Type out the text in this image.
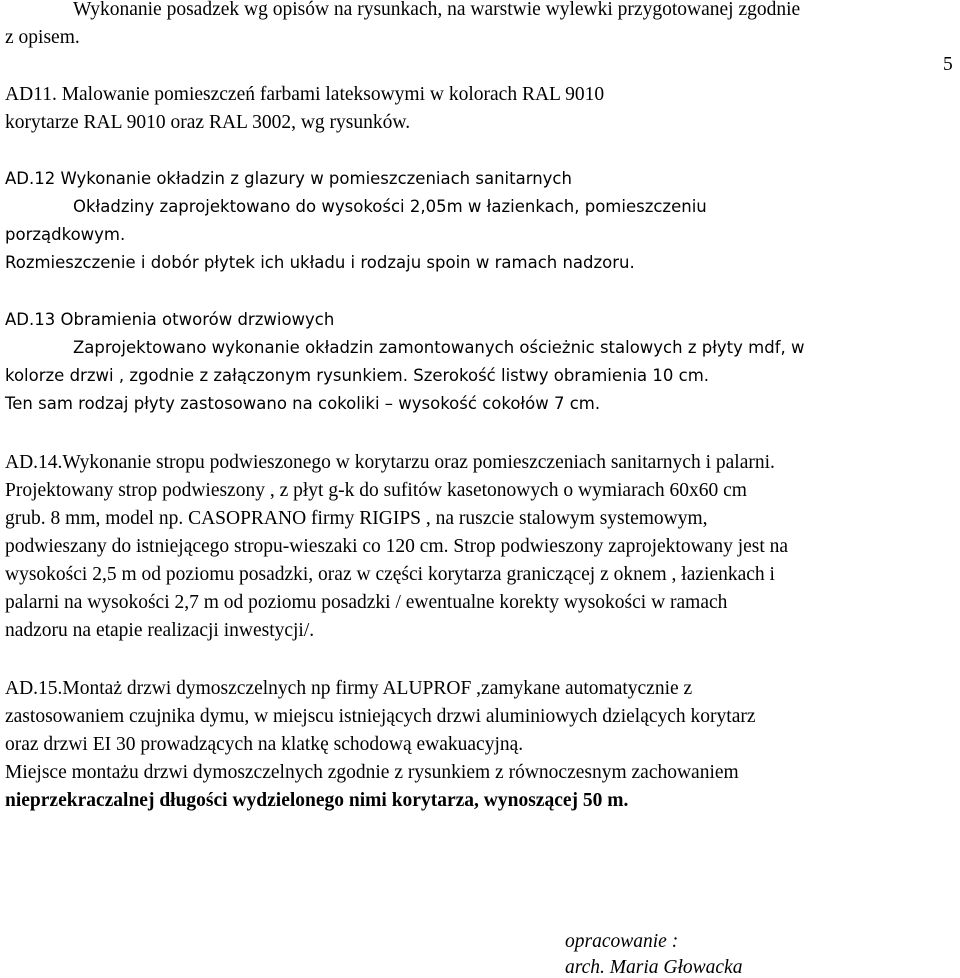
5
Wykonanie posadzek wg opisów na rysunkach, na warstwie wylewki przygotowanej zgodnie
z opisem.
AD11. Malowanie pomieszczeń farbami lateksowymi w kolorach RAL 9010
korytarze RAL 9010 oraz RAL 3002, wg rysunków.
AD.12 Wykonanie okładzin z glazury w pomieszczeniach sanitarnych
Okładziny zaprojektowano do wysokości 2,05m w łazienkach, pomieszczeniu
porządkowym.
Rozmieszczenie i dobór płytek ich układu i rodzaju spoin w ramach nadzoru.
AD.13 Obramienia otworów drzwiowych
Zaprojektowano wykonanie okładzin zamontowanych ościeżnic stalowych z płyty mdf, w
kolorze drzwi , zgodnie z załączonym rysunkiem. Szerokość listwy obramienia 10 cm.
Ten sam rodzaj płyty zastosowano na cokoliki – wysokość cokołów 7 cm.
AD.14.Wykonanie stropu podwieszonego w korytarzu oraz pomieszczeniach sanitarnych i palarni.
Projektowany strop podwieszony , z płyt g-k do sufitów kasetonowych o wymiarach 60x60 cm
grub. 8 mm, model np. CASOPRANO firmy RIGIPS , na ruszcie stalowym systemowym,
podwieszany do istniejącego stropu-wieszaki co 120 cm. Strop podwieszony zaprojektowany jest na
wysokości 2,5 m od poziomu posadzki, oraz w części korytarza graniczącej z oknem , łazienkach i
palarni na wysokości 2,7 m od poziomu posadzki / ewentualne korekty wysokości w ramach
nadzoru na etapie realizacji inwestycji/.
AD.15.Montaż drzwi dymoszczelnych np firmy ALUPROF ,zamykane automatycznie z
zastosowaniem czujnika dymu, w miejscu istniejących drzwi aluminiowych dzielących korytarz
oraz drzwi EI 30 prowadzących na klatkę schodową ewakuacyjną.
Miejsce montażu drzwi dymoszczelnych zgodnie z rysunkiem z równoczesnym zachowaniem
nieprzekraczalnej długości wydzielonego nimi korytarza, wynoszącej 50 m.
opracowanie :
arch. Maria Głowacka
